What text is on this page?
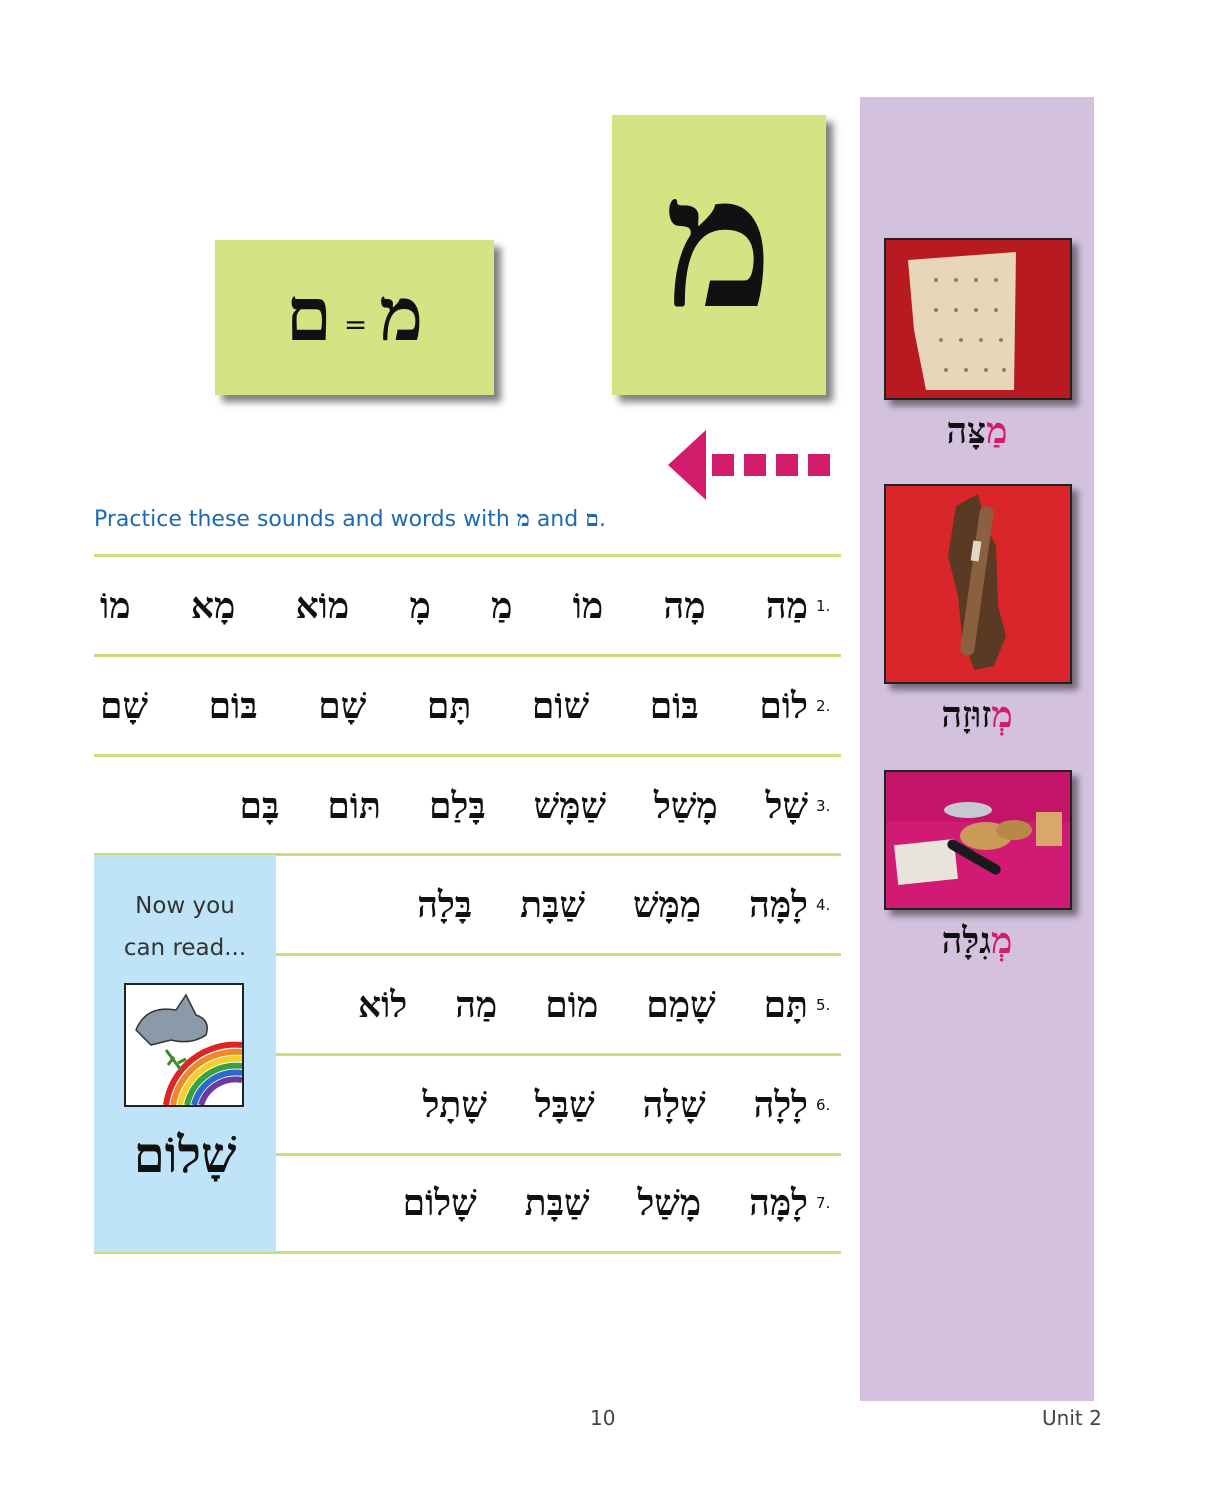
מַצָּה
מְזוּזָה
מְגִלָּה
מ
ם = מ
Practice these sounds and words with מ and ם.
1.
מַה
מָה
מוֹ
מַ
מָ
מוֹא
מָא
מוֹ
2.
לוֹם
בּוֹם
שׁוֹם
תָּם
שָׁם
בּוֹם
שָׁם
3.
שָׁל
מָשַׁל
שַׁמָּשׁ
בָּלַם
תּוֹם
בָּם
4.
לָמָּה
מַמָּשׁ
שַׁבָּת
בָּלָה
5.
תָּם
שָׁמַם
מוֹם
מַה
לוֹא
6.
לָלָה
שָׁלָה
שַׁבָּל
שָׁתָל
7.
לָמָּה
מָשַׁל
שַׁבָּת
שָׁלוֹם
Now you
can read...
שָׁלוֹם
10	Unit 2
